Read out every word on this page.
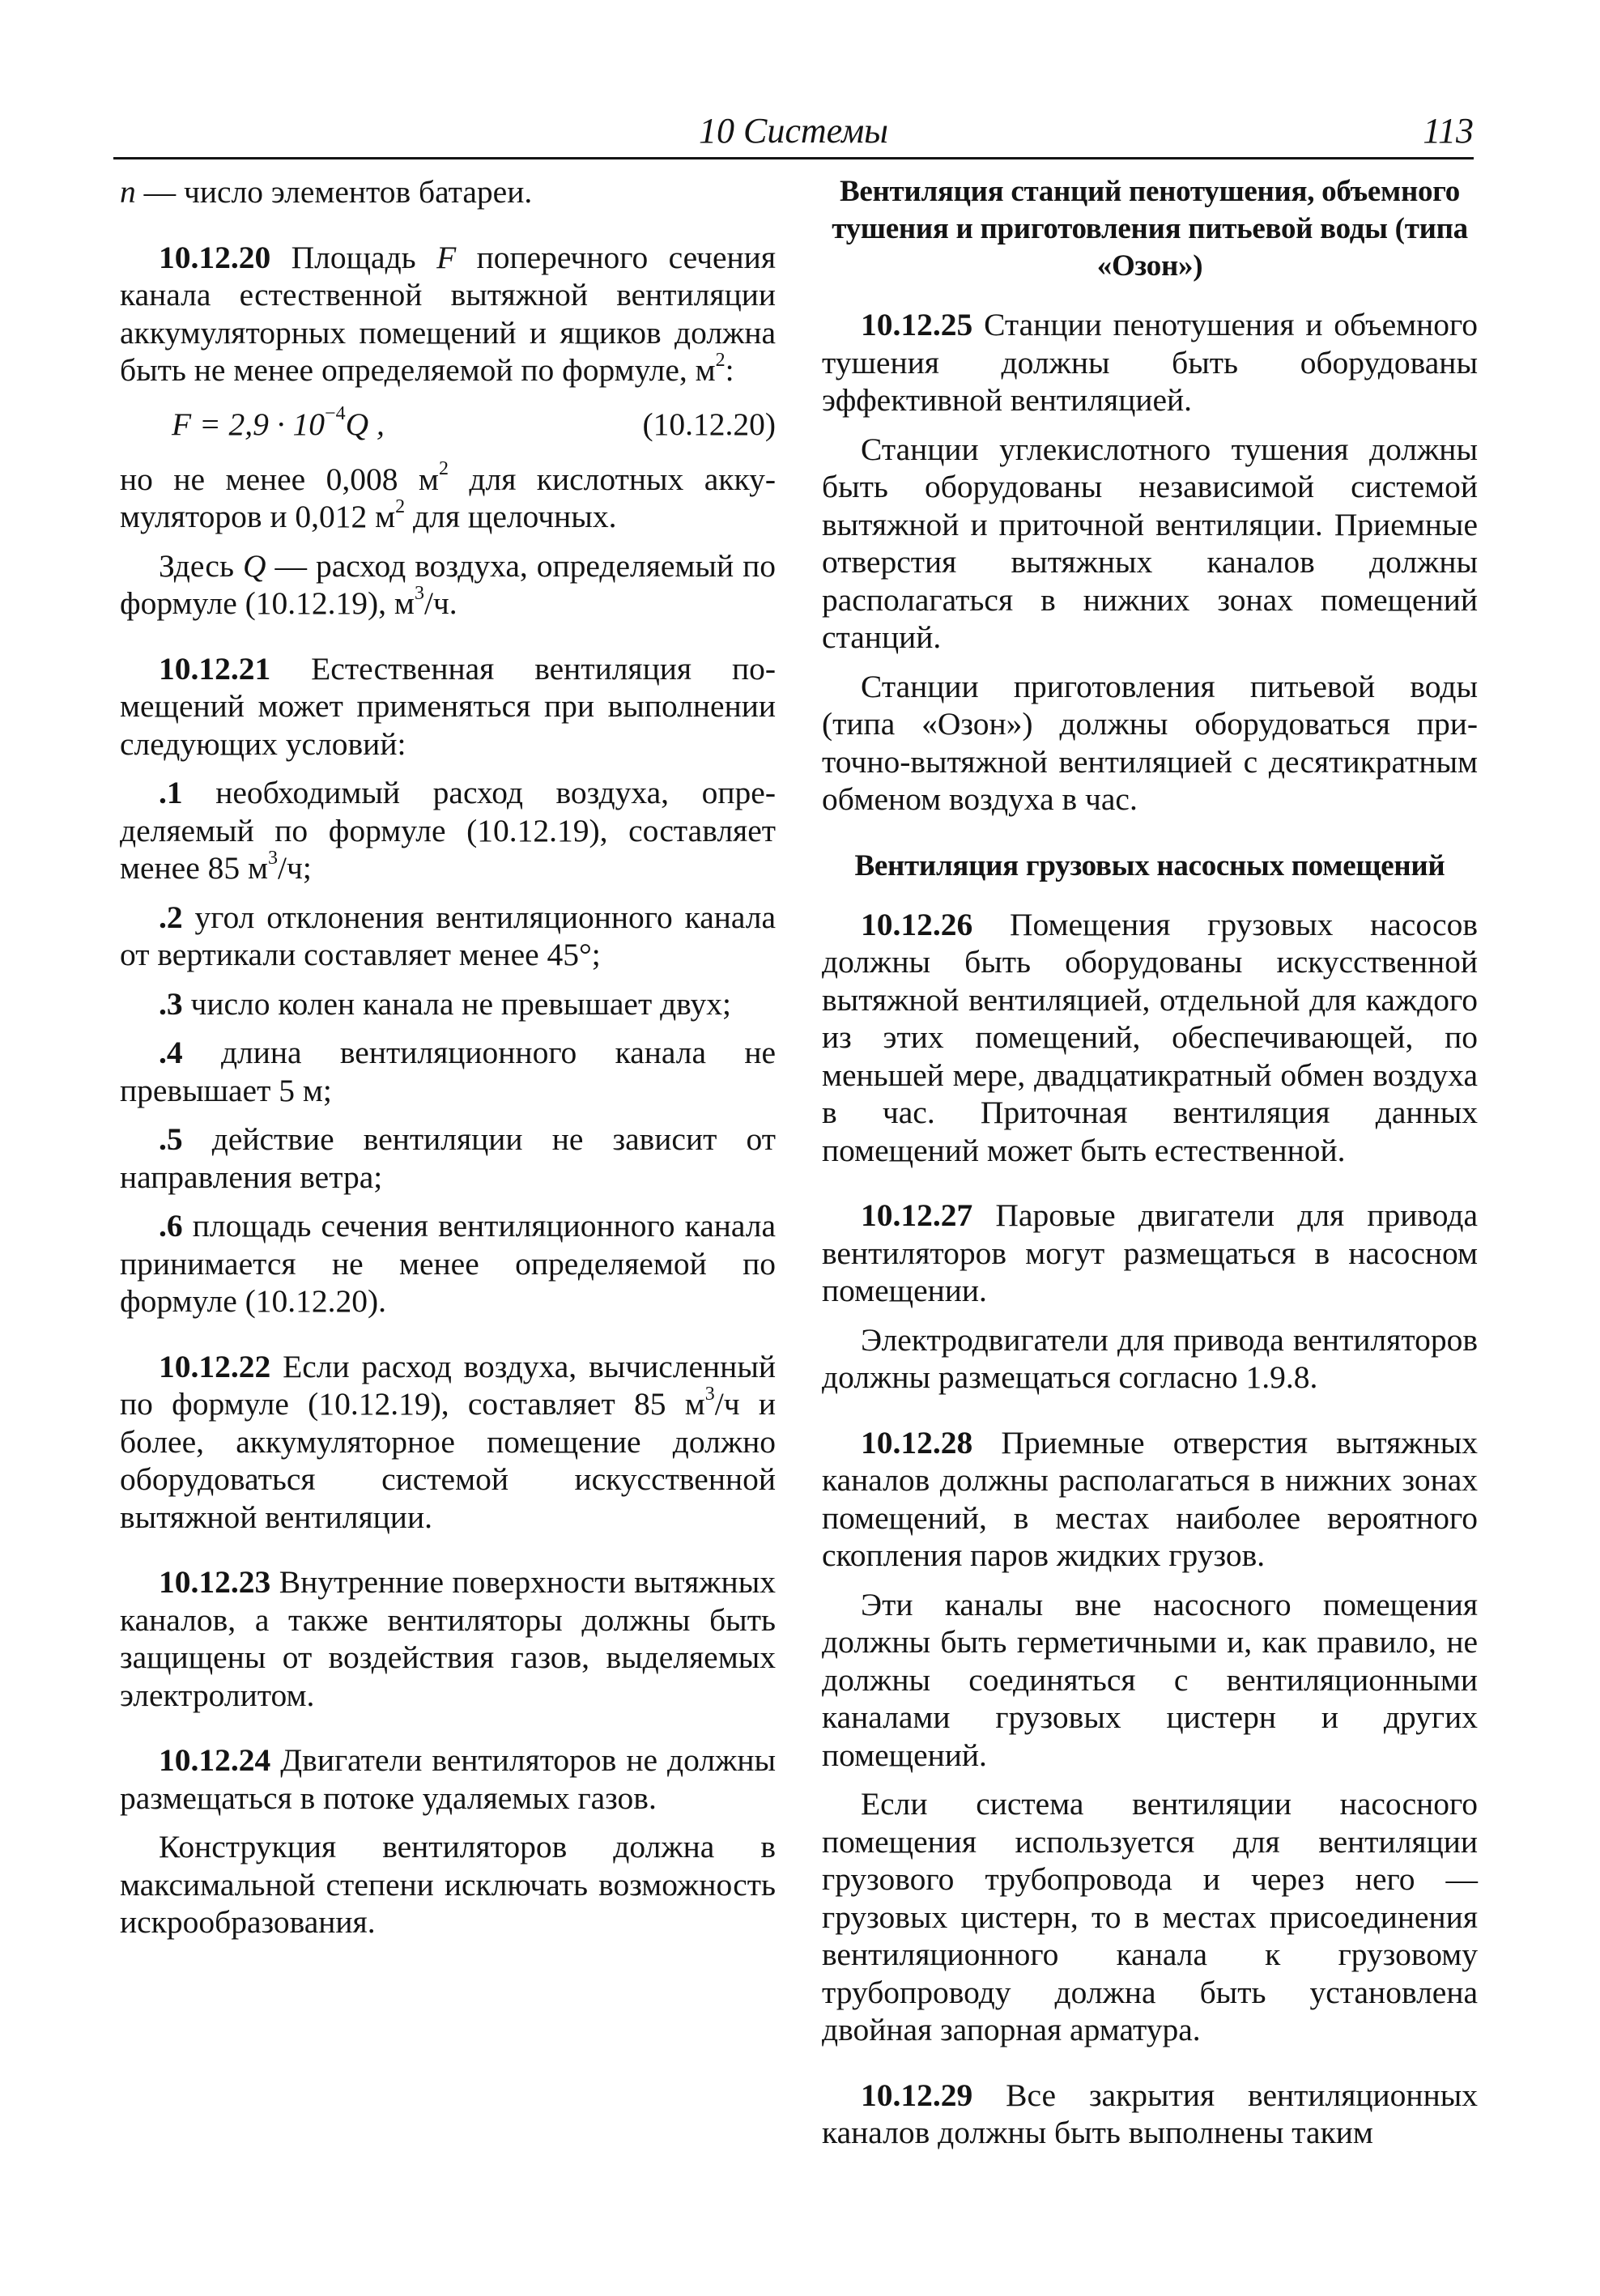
10 Системы	113

n — число элементов батареи.

10.12.20 Площадь F поперечного сечения канала естественной вытяжной вентиляции аккумуляторных помещений и ящиков должна быть не менее определяемой по формуле, $м^2$:

$F = 2,9 \cdot 10^{-4}Q$ ,	(10.12.20)

но не менее 0,008 $м^2$ для кислотных аккумуляторов и 0,012 $м^2$ для щелочных.

Здесь Q — расход воздуха, определяемый по формуле (10.12.19), $м^3/ч$.

10.12.21 Естественная вентиляция помещений может применяться при выполнении следующих условий:

.1 необходимый расход воздуха, определяемый по формуле (10.12.19), составляет менее 85 $м^3/ч$;

.2 угол отклонения вентиляционного канала от вертикали составляет менее 45°;

.3 число колен канала не превышает двух;

.4 длина вентиляционного канала не превышает 5 м;

.5 действие вентиляции не зависит от направления ветра;

.6 площадь сечения вентиляционного канала принимается не менее определяемой по формуле (10.12.20).

10.12.22 Если расход воздуха, вычисленный по формуле (10.12.19), составляет 85 $м^3/ч$ и более, аккумуляторное помещение должно оборудоваться системой искусственной вытяжной вентиляции.

10.12.23 Внутренние поверхности вытяжных каналов, а также вентиляторы должны быть защищены от воздействия газов, выделяемых электролитом.

10.12.24 Двигатели вентиляторов не должны размещаться в потоке удаляемых газов.

Конструкция вентиляторов должна в максимальной степени исключать возможность искрообразования.

Вентиляция станций пенотушения, объемного тушения и приготовления питьевой воды (типа «Озон»)

10.12.25 Станции пенотушения и объемного тушения должны быть оборудованы эффективной вентиляцией.

Станции углекислотного тушения должны быть оборудованы независимой системой вытяжной и приточной вентиляции. Приемные отверстия вытяжных каналов должны располагаться в нижних зонах помещений станций.

Станции приготовления питьевой воды (типа «Озон») должны оборудоваться приточно-вытяжной вентиляцией с десятикратным обменом воздуха в час.

Вентиляция грузовых насосных помещений

10.12.26 Помещения грузовых насосов должны быть оборудованы искусственной вытяжной вентиляцией, отдельной для каждого из этих помещений, обеспечивающей, по меньшей мере, двадцатикратный обмен воздуха в час. Приточная вентиляция данных помещений может быть естественной.

10.12.27 Паровые двигатели для привода вентиляторов могут размещаться в насосном помещении.

Электродвигатели для привода вентиляторов должны размещаться согласно 1.9.8.

10.12.28 Приемные отверстия вытяжных каналов должны располагаться в нижних зонах помещений, в местах наиболее вероятного скопления паров жидких грузов.

Эти каналы вне насосного помещения должны быть герметичными и, как правило, не должны соединяться с вентиляционными каналами грузовых цистерн и других помещений.

Если система вентиляции насосного помещения используется для вентиляции грузового трубопровода и через него — грузовых цистерн, то в местах присоединения вентиляционного канала к грузовому трубопроводу должна быть установлена двойная запорная арматура.

10.12.29 Все закрытия вентиляционных каналов должны быть выполнены таким
